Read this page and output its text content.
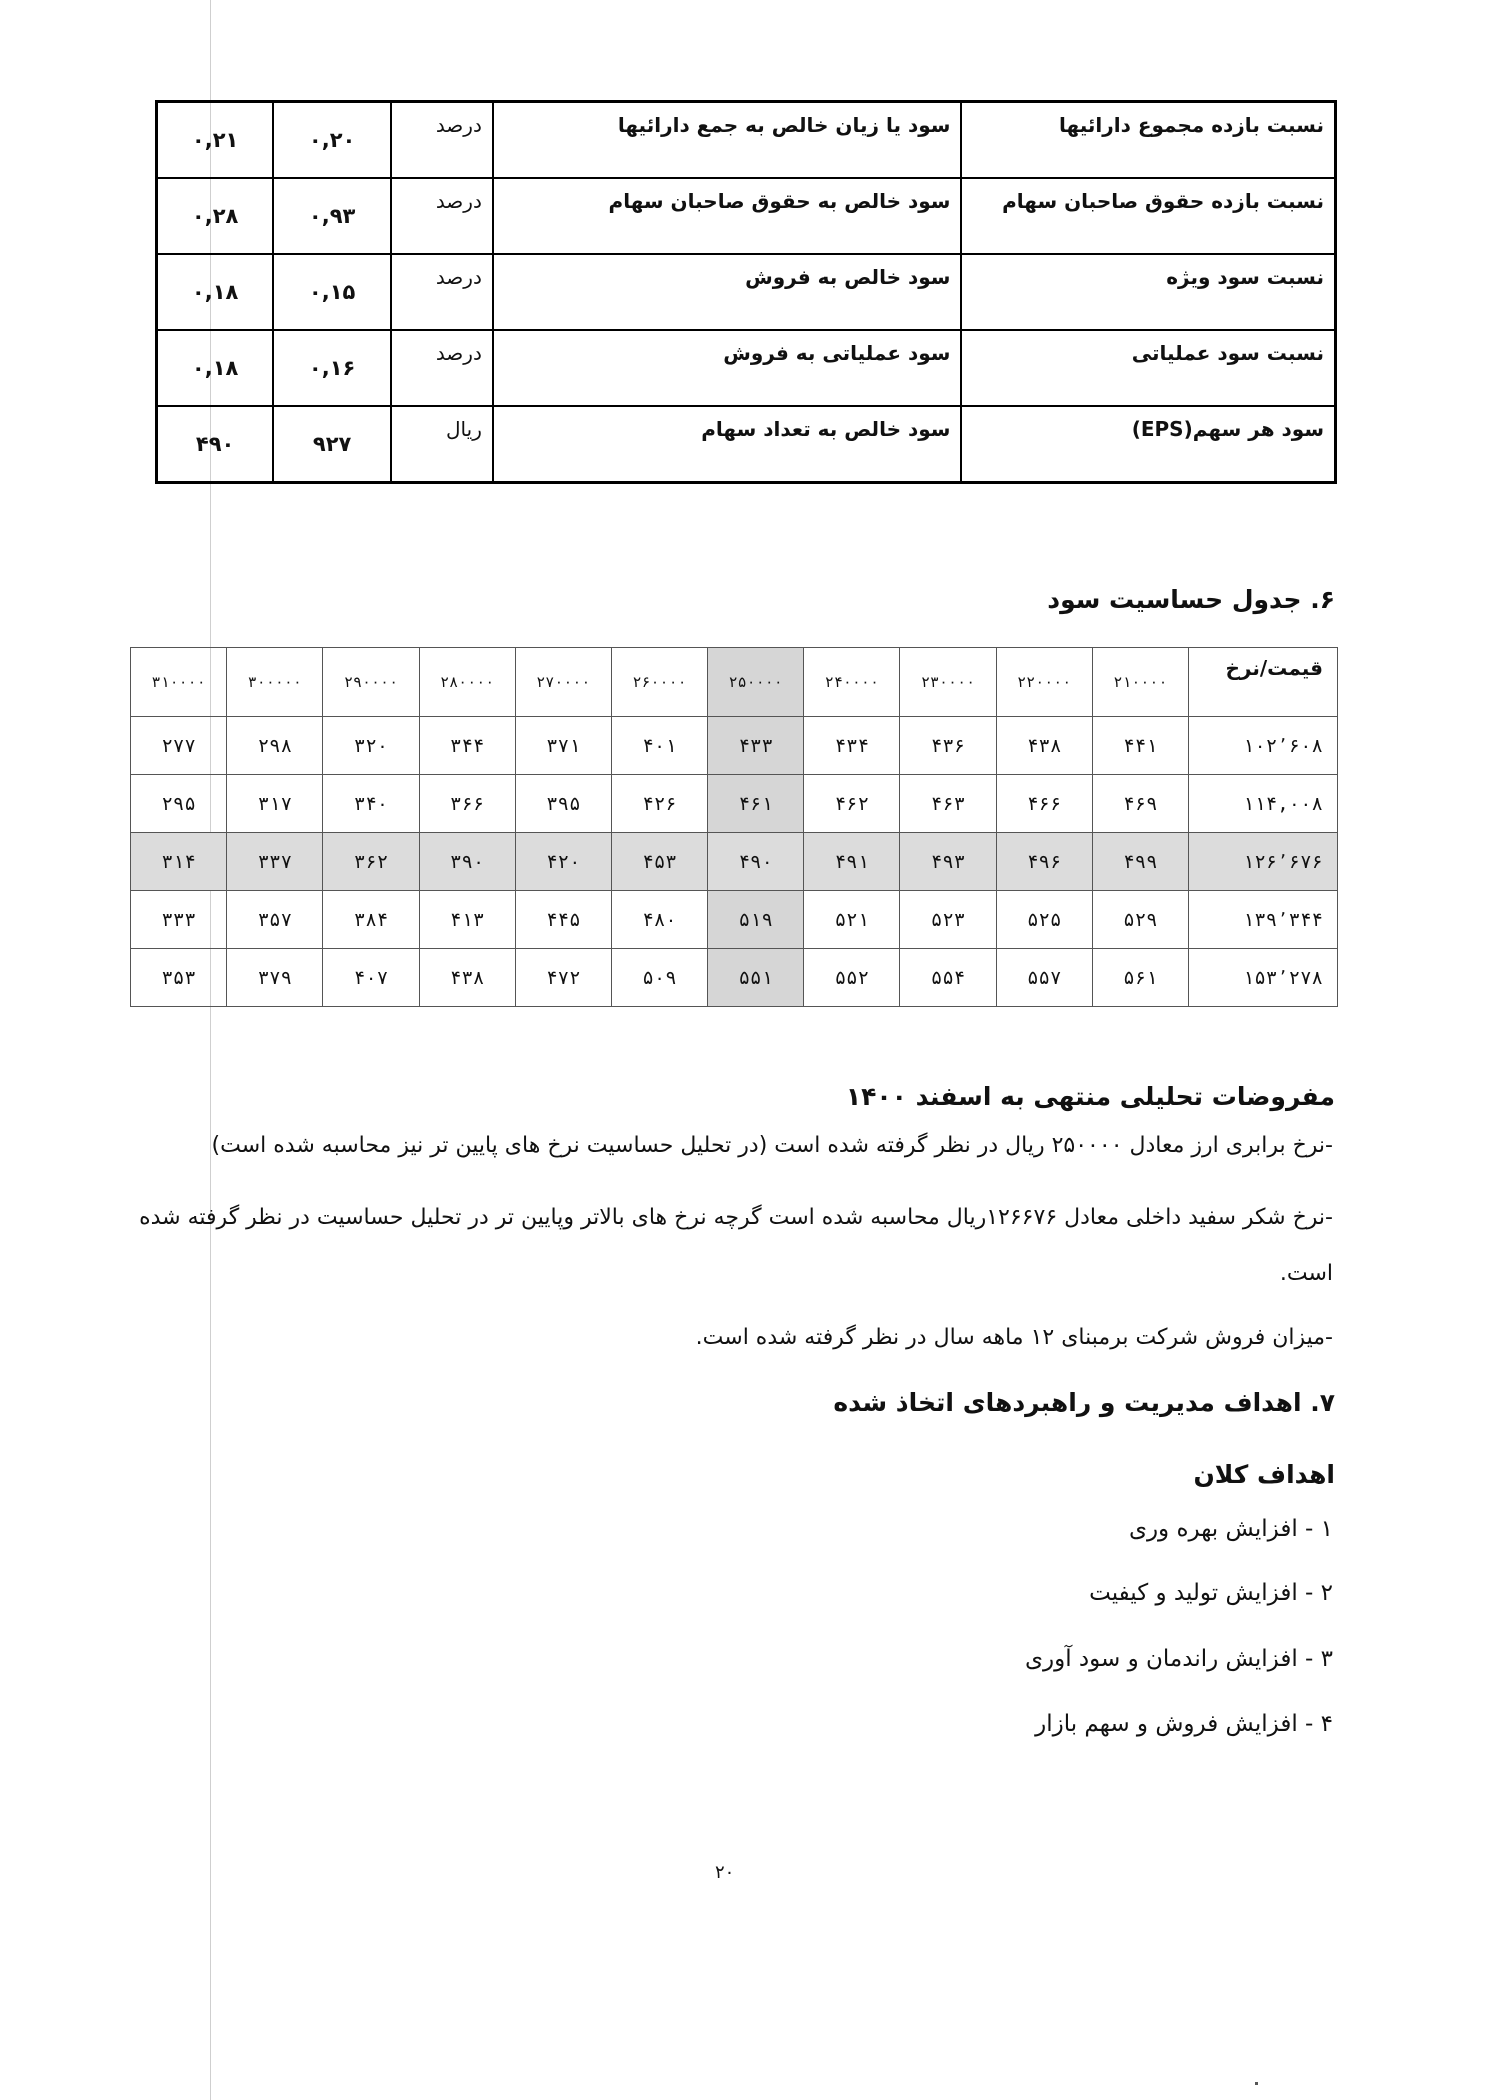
نسبت بازده مجموع دارائیها	سود یا زیان خالص به جمع دارائیها	درصد	۰,۲۰	۰,۲۱
نسبت بازده حقوق صاحبان سهام	سود خالص به حقوق صاحبان سهام	درصد	۰,۹۳	۰,۲۸
نسبت سود ویژه	سود خالص به فروش	درصد	۰,۱۵	۰,۱۸
نسبت سود عملیاتی	سود عملیاتی به فروش	درصد	۰,۱۶	۰,۱۸
سود هر سهم(EPS)	سود خالص به تعداد سهام	ریال	۹۲۷	۴۹۰
۶. جدول حساسیت سود
قیمت/نرخ	۲۱۰۰۰۰	۲۲۰۰۰۰	۲۳۰۰۰۰	۲۴۰۰۰۰	۲۵۰۰۰۰	۲۶۰۰۰۰	۲۷۰۰۰۰	۲۸۰۰۰۰	۲۹۰۰۰۰	۳۰۰۰۰۰	۳۱۰۰۰۰
۱۰۲٬۶۰۸	۴۴۱	۴۳۸	۴۳۶	۴۳۴	۴۳۳	۴۰۱	۳۷۱	۳۴۴	۳۲۰	۲۹۸	۲۷۷
۱۱۴,۰۰۸	۴۶۹	۴۶۶	۴۶۳	۴۶۲	۴۶۱	۴۲۶	۳۹۵	۳۶۶	۳۴۰	۳۱۷	۲۹۵
۱۲۶٬۶۷۶	۴۹۹	۴۹۶	۴۹۳	۴۹۱	۴۹۰	۴۵۳	۴۲۰	۳۹۰	۳۶۲	۳۳۷	۳۱۴
۱۳۹٬۳۴۴	۵۲۹	۵۲۵	۵۲۳	۵۲۱	۵۱۹	۴۸۰	۴۴۵	۴۱۳	۳۸۴	۳۵۷	۳۳۳
۱۵۳٬۲۷۸	۵۶۱	۵۵۷	۵۵۴	۵۵۲	۵۵۱	۵۰۹	۴۷۲	۴۳۸	۴۰۷	۳۷۹	۳۵۳
مفروضات تحلیلی منتهی به اسفند ۱۴۰۰
-نرخ برابری ارز معادل ۲۵۰۰۰۰ ریال در نظر گرفته شده است (در تحلیل حساسیت نرخ های پایین تر نیز محاسبه شده است)
-نرخ شکر سفید داخلی معادل ۱۲۶۶۷۶ریال محاسبه شده است گرچه نرخ های بالاتر وپایین تر در تحلیل حساسیت در نظر گرفته شده است.
-میزان فروش شرکت برمبنای ۱۲ ماهه سال در نظر گرفته شده است.
۷. اهداف مدیریت و راهبردهای اتخاذ شده
اهداف کلان
۱ - افزایش بهره وری
۲ - افزایش تولید و کیفیت
۳ - افزایش راندمان و سود آوری
۴ - افزایش فروش و سهم بازار
۲۰
